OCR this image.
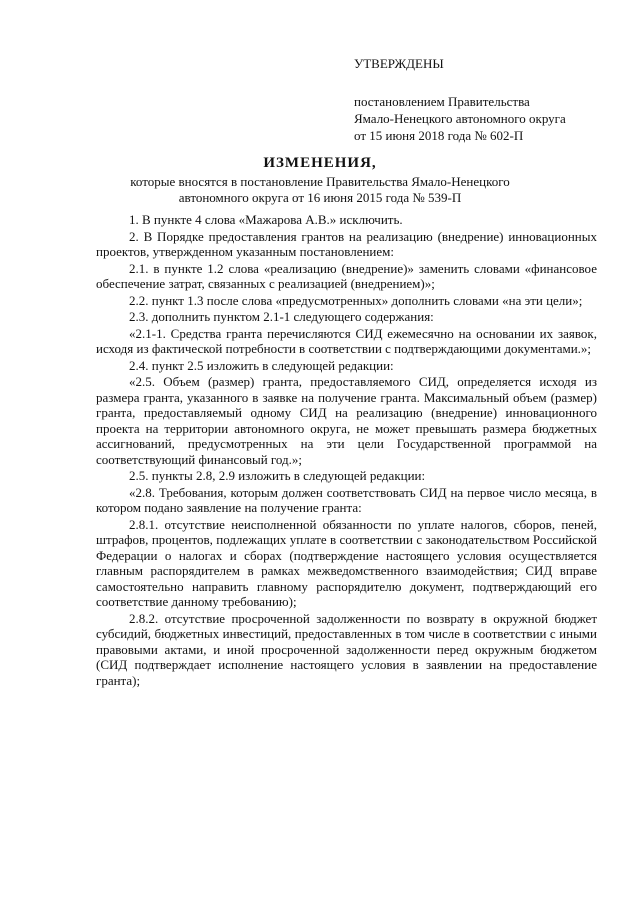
УТВЕРЖДЕНЫ
постановлением Правительства
Ямало-Ненецкого автономного округа
от 15 июня 2018 года № 602-П
ИЗМЕНЕНИЯ,
которые вносятся в постановление Правительства Ямало-Ненецкого
автономного округа от 16 июня 2015 года № 539-П

1. В пункте 4 слова «Мажарова А.В.» исключить.

2. В Порядке предоставления грантов на реализацию (внедрение) инновационных проектов, утвержденном указанным постановлением:

2.1. в пункте 1.2 слова «реализацию (внедрение)» заменить словами «финансовое обеспечение затрат, связанных с реализацией (внедрением)»;

2.2. пункт 1.3 после слова «предусмотренных» дополнить словами «на эти цели»;

2.3. дополнить пунктом 2.1-1 следующего содержания:

«2.1-1. Средства гранта перечисляются СИД ежемесячно на основании их заявок, исходя из фактической потребности в соответствии с подтверждающими документами.»;

2.4. пункт 2.5 изложить в следующей редакции:

«2.5. Объем (размер) гранта, предоставляемого СИД, определяется исходя из размера гранта, указанного в заявке на получение гранта. Максимальный объем (размер) гранта, предоставляемый одному СИД на реализацию (внедрение) инновационного проекта на территории автономного округа, не может превышать размера бюджетных ассигнований, предусмотренных на эти цели Государственной программой на соответствующий финансовый год.»;

2.5. пункты 2.8, 2.9 изложить в следующей редакции:

«2.8. Требования, которым должен соответствовать СИД на первое число месяца, в котором подано заявление на получение гранта:

2.8.1. отсутствие неисполненной обязанности по уплате налогов, сборов, пеней, штрафов, процентов, подлежащих уплате в соответствии с законодательством Российской Федерации о налогах и сборах (подтверждение настоящего условия осуществляется главным распорядителем в рамках межведомственного взаимодействия; СИД вправе самостоятельно направить главному распорядителю документ, подтверждающий его соответствие данному требованию);

2.8.2. отсутствие просроченной задолженности по возврату в окружной бюджет субсидий, бюджетных инвестиций, предоставленных в том числе в соответствии с иными правовыми актами, и иной просроченной задолженности перед окружным бюджетом (СИД подтверждает исполнение настоящего условия в заявлении на предоставление гранта);
